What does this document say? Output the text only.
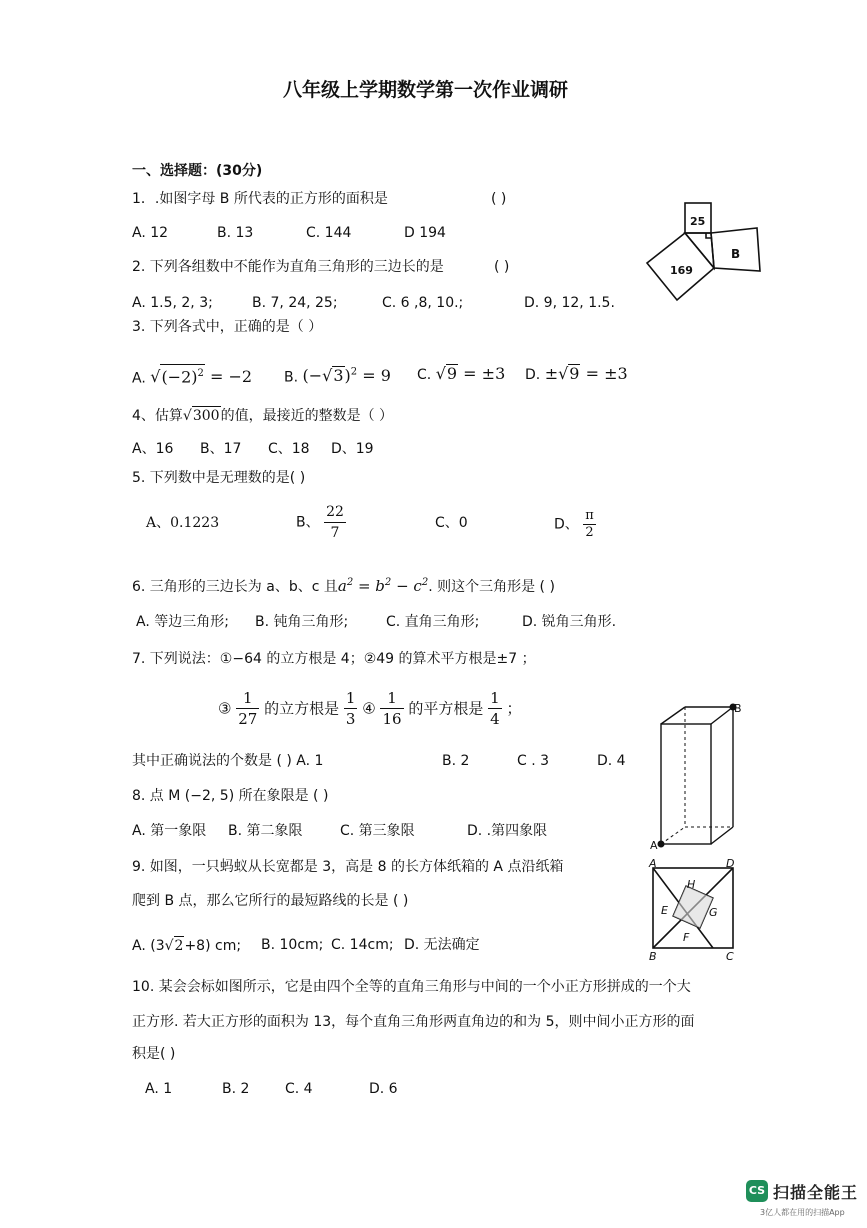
八年级上学期数学第一次作业调研
一、选择题：(30分)
1．.如图字母 B 所代表的正方形的面积是	( )
A. 12	B. 13	C. 144	D 194
25
169
B
2. 下列各组数中不能作为直角三角形的三边长的是	( )
A. 1.5, 2, 3;	B. 7, 24, 25;	C. 6 ,8, 10.;	D. 9, 12, 1.5.
3. 下列各式中，正确的是（ ）
A. $√(-2)^2 = -2$ B. $(-√3)^2 = 9$ C. √9 = ±3 D. ±√9 = ±3
4、估算√300的值，最接近的整数是（ ）
A、16 B、17 C、18 D、19
5. 下列数中是无理数的是( )
A、0.1223	B、 $\frac{22}{7}$	C、0	D、 $\frac{\pi}{2}$
6. 三角形的三边长为 a、b、c 且$a^2 = b^2 - c^2$. 则这个三角形是 ( )
A. 等边三角形; B. 钝角三角形;	C. 直角三角形;	D. 锐角三角形.
7. 下列说法：①−64 的立方根是 4；②49 的算术平方根是±7 ；
③ $\frac{1}{27}$ 的立方根是 $\frac{1}{3}$ ④ $\frac{1}{16}$ 的平方根是 $\frac{1}{4}$ ；
其中正确说法的个数是 ( ) A. 1	B. 2	C . 3	D. 4
B
A
8. 点 M (−2, 5) 所在象限是 ( )
A. 第一象限 B. 第二象限	C. 第三象限	D. .第四象限
9. 如图，一只蚂蚁从长宽都是 3，高是 8 的长方体纸箱的 A 点沿纸箱
爬到 B 点，那么它所行的最短路线的长是 ( )
A. (3√2+8) cm; B. 10cm; C. 14cm; D. 无法确定
A	D
B	C
H
E	G
F
10. 某会会标如图所示，它是由四个全等的直角三角形与中间的一个小正方形拼成的一个大
正方形. 若大正方形的面积为 13，每个直角三角形两直角边的和为 5，则中间小正方形的面
积是( )
A. 1	B. 2	C. 4	D. 6
CS 扫描全能王
3亿人都在用的扫描App
